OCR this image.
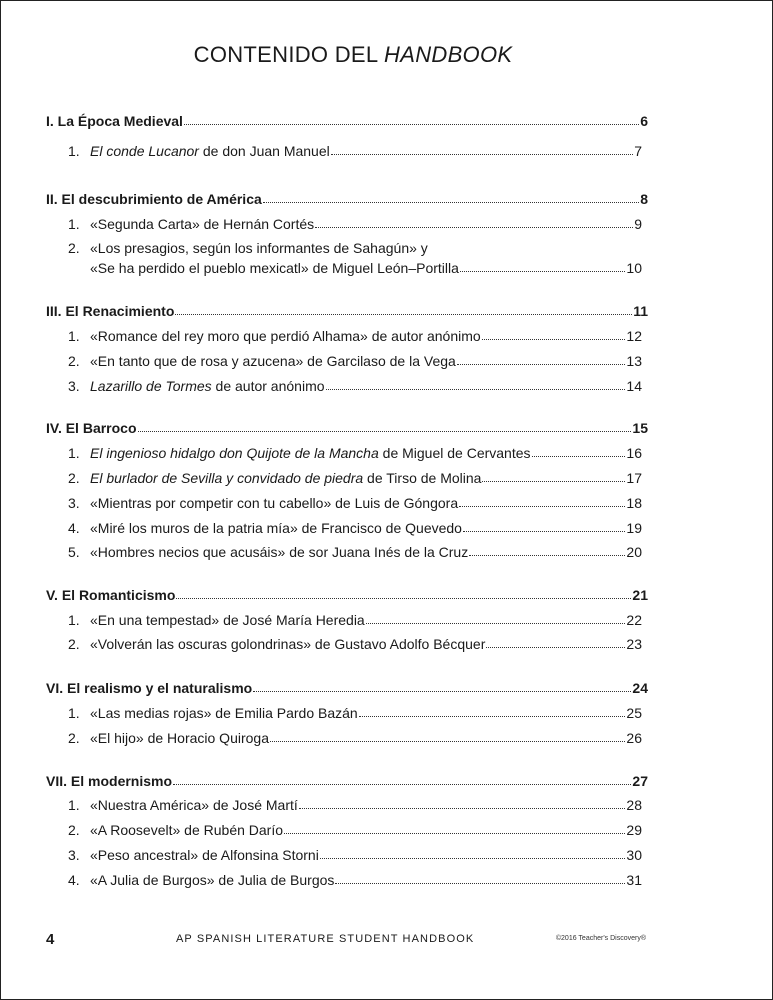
CONTENIDO DEL HANDBOOK
I. La Época Medieval	6
1. El conde Lucanor de don Juan Manuel	7
II. El descubrimiento de América	8
1. «Segunda Carta» de Hernán Cortés	9
2. «Los presagios, según los informantes de Sahagún» y
«Se ha perdido el pueblo mexicatl» de Miguel León–Portilla	10
III. El Renacimiento	11
1. «Romance del rey moro que perdió Alhama» de autor anónimo	12
2. «En tanto que de rosa y azucena» de Garcilaso de la Vega	13
3. Lazarillo de Tormes de autor anónimo	14
IV. El Barroco	15
1. El ingenioso hidalgo don Quijote de la Mancha de Miguel de Cervantes	16
2. El burlador de Sevilla y convidado de piedra de Tirso de Molina	17
3. «Mientras por competir con tu cabello» de Luis de Góngora	18
4. «Miré los muros de la patria mía» de Francisco de Quevedo	19
5. «Hombres necios que acusáis» de sor Juana Inés de la Cruz	20
V. El Romanticismo	21
1. «En una tempestad» de José María Heredia	22
2. «Volverán las oscuras golondrinas» de Gustavo Adolfo Bécquer	23
VI. El realismo y el naturalismo	24
1. «Las medias rojas» de Emilia Pardo Bazán	25
2. «El hijo» de Horacio Quiroga	26
VII. El modernismo	27
1. «Nuestra América» de José Martí	28
2. «A Roosevelt» de Rubén Darío	29
3. «Peso ancestral» de Alfonsina Storni	30
4. «A Julia de Burgos» de Julia de Burgos	31
4	AP SPANISH LITERATURE STUDENT HANDBOOK	©2016 Teacher's Discovery®
